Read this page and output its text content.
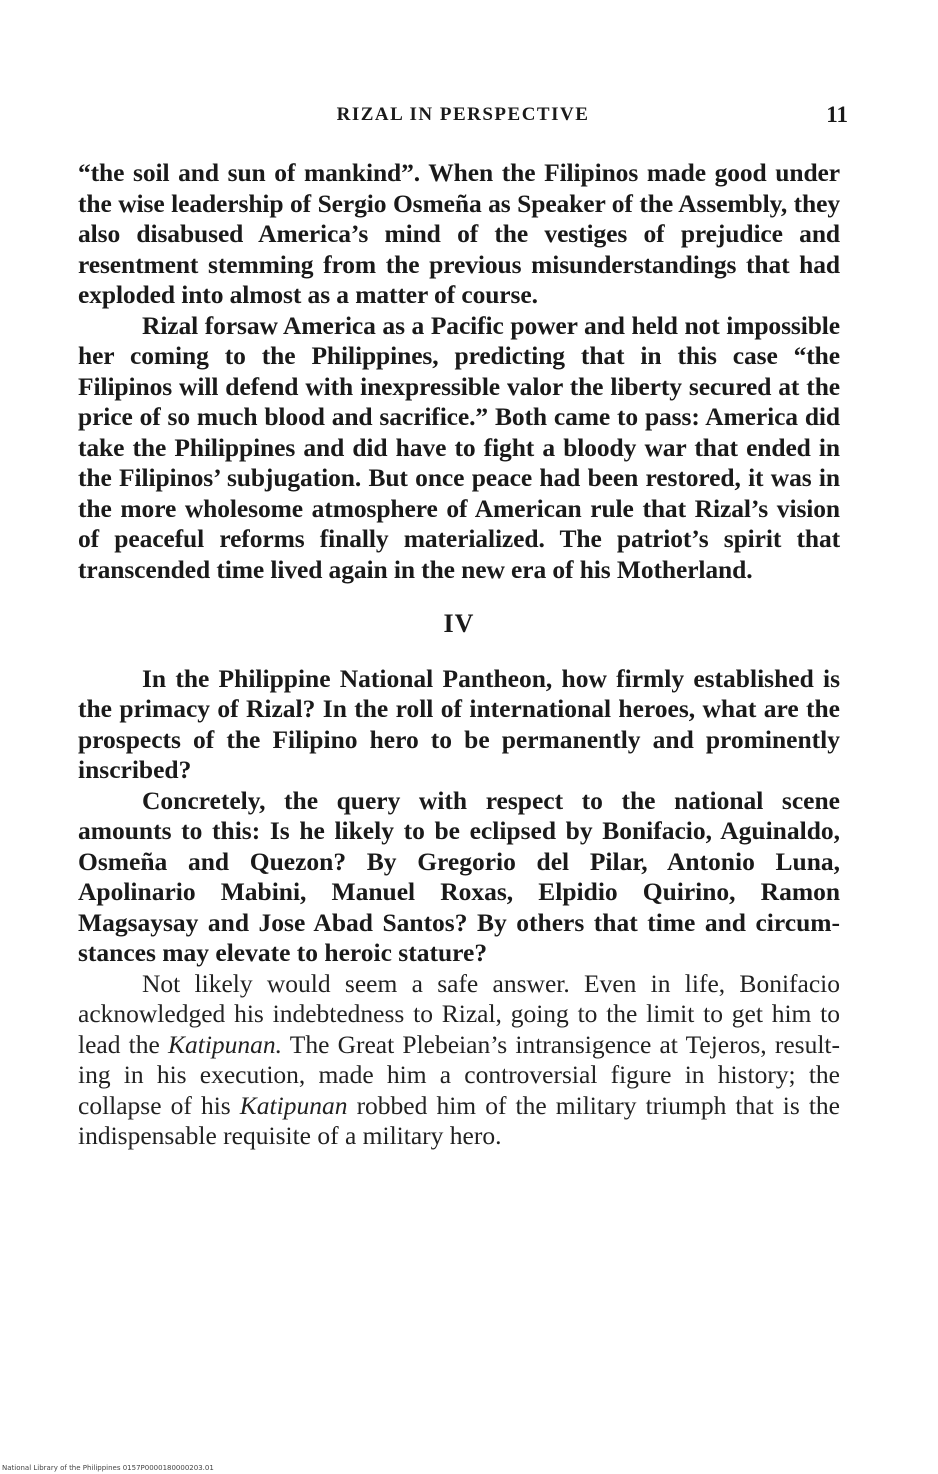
RIZAL IN PERSPECTIVE	11

“the soil and sun of mankind”. When the Filipinos made good under the wise leadership of Sergio Osmeña as Speaker of the Assembly, they also disabused America’s mind of the vestiges of prejudice and resentment stemming from the previous misunderstandings that had exploded into almost as a matter of course.

Rizal forsaw America as a Pacific power and held not impossible her coming to the Philippines, predicting that in this case “the Filipinos will defend with inexpressible valor the liberty secured at the price of so much blood and sacrifice.” Both came to pass: America did take the Philippines and did have to fight a bloody war that ended in the Filipinos’ subjugation. But once peace had been restored, it was in the more wholesome atmosphere of American rule that Rizal’s vision of peaceful reforms finally materialized. The patriot’s spirit that transcended time lived again in the new era of his Motherland.

IV

In the Philippine National Pantheon, how firmly established is the primacy of Rizal? In the roll of international heroes, what are the prospects of the Filipino hero to be permanently and prominently inscribed?

Concretely, the query with respect to the national scene amounts to this: Is he likely to be eclipsed by Bonifacio, Aguinaldo, Osmeña and Quezon? By Gregorio del Pilar, Antonio Luna, Apolinario Mabini, Manuel Roxas, Elpidio Quirino, Ramon Magsaysay and Jose Abad Santos? By others that time and circumstances may elevate to heroic stature?

Not likely would seem a safe answer. Even in life, Bonifacio acknowledged his indebtedness to Rizal, going to the limit to get him to lead the Katipunan. The Great Plebeian’s intransigence at Tejeros, resulting in his execution, made him a controversial figure in history; the collapse of his Katipunan robbed him of the military triumph that is the indispensable requisite of a military hero.

National Library of the Philippines 0157P0000180000203.01
